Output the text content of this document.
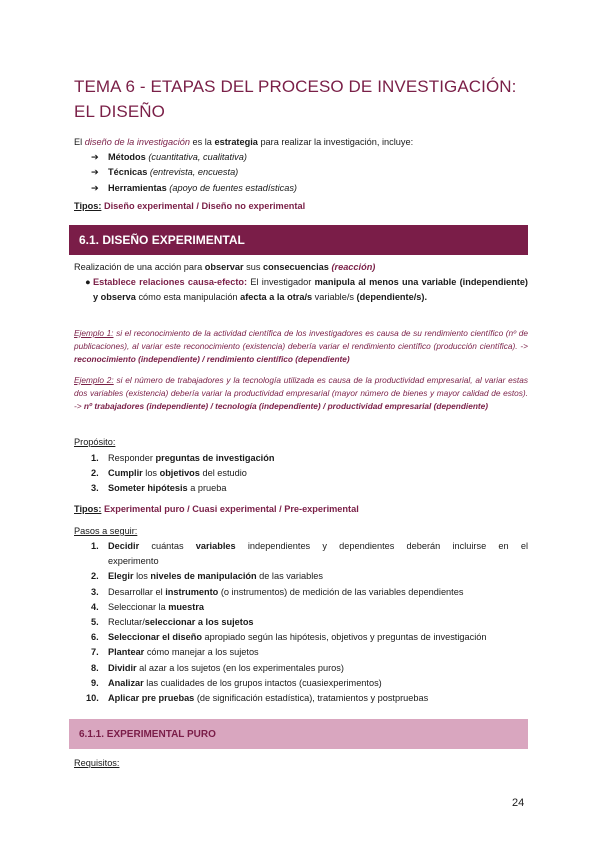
TEMA 6 - ETAPAS DEL PROCESO DE INVESTIGACIÓN: EL DISEÑO
El diseño de la investigación es la estrategia para realizar la investigación, incluye:
➔	Métodos (cuantitativa, cualitativa)
➔	Técnicas (entrevista, encuesta)
➔	Herramientas (apoyo de fuentes estadísticas)
Tipos: Diseño experimental / Diseño no experimental
6.1. DISEÑO EXPERIMENTAL
Realización de una acción para observar sus consecuencias (reacción)
● Establece relaciones causa-efecto: El investigador manipula al menos una variable (independiente) y observa cómo esta manipulación afecta a la otra/s variable/s (dependiente/s).
Ejemplo 1: si el reconocimiento de la actividad científica de los investigadores es causa de su rendimiento científico (nº de publicaciones), al variar este reconocimiento (existencia) debería variar el rendimiento científico (producción científica). -> reconocimiento (independiente) / rendimiento científico (dependiente)
Ejemplo 2: si el número de trabajadores y la tecnología utilizada es causa de la productividad empresarial, al variar estas dos variables (existencia) debería variar la productividad empresarial (mayor número de bienes y mayor calidad de estos). -> nº trabajadores (independiente) / tecnología (independiente) / productividad empresarial (dependiente)
Propósito:
1.	Responder preguntas de investigación
2.	Cumplir los objetivos del estudio
3.	Someter hipótesis a prueba
Tipos: Experimental puro / Cuasi experimental / Pre-experimental
Pasos a seguir:
1.	Decidir cuántas variables independientes y dependientes deberán incluirse en el experimento
2.	Elegir los niveles de manipulación de las variables
3.	Desarrollar el instrumento (o instrumentos) de medición de las variables dependientes
4.	Seleccionar la muestra
5.	Reclutar/seleccionar a los sujetos
6.	Seleccionar el diseño apropiado según las hipótesis, objetivos y preguntas de investigación
7.	Plantear cómo manejar a los sujetos
8.	Dividir al azar a los sujetos (en los experimentales puros)
9.	Analizar las cualidades de los grupos intactos (cuasiexperimentos)
10.	Aplicar pre pruebas (de significación estadística), tratamientos y postpruebas
6.1.1. EXPERIMENTAL PURO
Requisitos:
24
